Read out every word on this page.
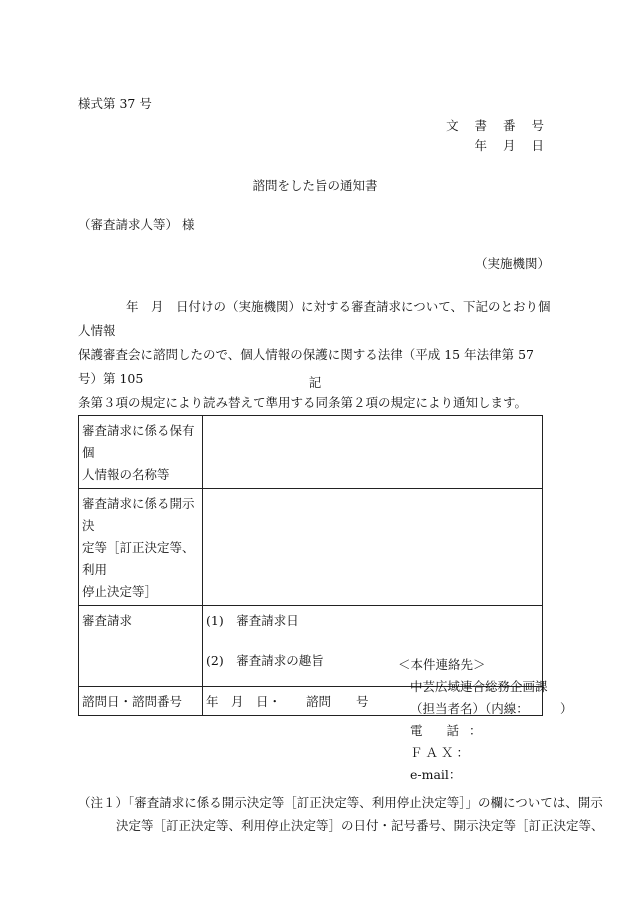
様式第 37 号
文 書 番 号
年 月 日
諮問をした旨の通知書
（審査請求人等） 様
（実施機関）

年　月　日付けの（実施機関）に対する審査請求について、下記のとおり個人情報

保護審査会に諮問したので、個人情報の保護に関する法律（平成 15 年法律第 57 号）第 105

条第３項の規定により読み替えて準用する同条第２項の規定により通知します。

記
審査請求に係る保有個
人情報の名称等	
審査請求に係る開示決
定等［訂正決定等、利用
停止決定等］	
審査請求	(1)　審査請求日
(2)　審査請求の趣旨

諮問日・諮問番号	年　月　日・　　諮問　　号
＜本件連絡先＞
中芸広域連合総務企画課
（担当者名）（内線：　　　）
電 話：
ＦＡＸ：
e-mail：
（注１）「審査請求に係る開示決定等［訂正決定等、利用停止決定等］」の欄については、開示
決定等［訂正決定等、利用停止決定等］の日付・記号番号、開示決定等［訂正決定等、
